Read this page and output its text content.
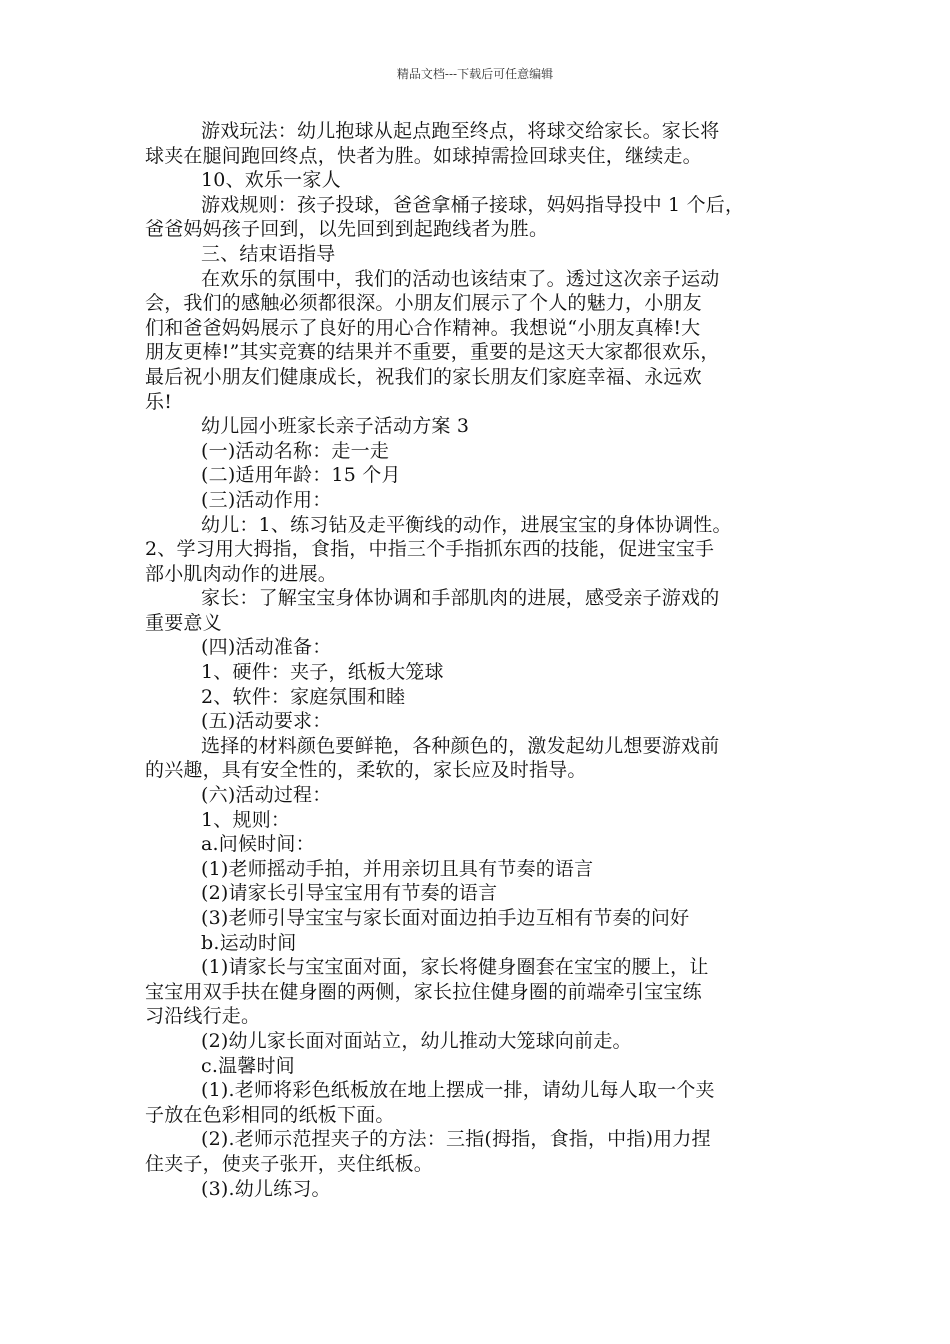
精品文档---下载后可任意编辑
游戏玩法：幼儿抱球从起点跑至终点，将球交给家长。家长将
球夹在腿间跑回终点，快者为胜。如球掉需捡回球夹住，继续走。
10、欢乐一家人
游戏规则：孩子投球，爸爸拿桶子接球，妈妈指导投中 1 个后，
爸爸妈妈孩子回到，以先回到到起跑线者为胜。
三、结束语指导
在欢乐的氛围中，我们的活动也该结束了。透过这次亲子运动
会，我们的感触必须都很深。小朋友们展示了个人的魅力，小朋友
们和爸爸妈妈展示了良好的用心合作精神。我想说“小朋友真棒!大
朋友更棒!”其实竞赛的结果并不重要，重要的是这天大家都很欢乐，
最后祝小朋友们健康成长，祝我们的家长朋友们家庭幸福、永远欢
乐!
幼儿园小班家长亲子活动方案 3
(一)活动名称：走一走
(二)适用年龄：15 个月
(三)活动作用：
幼儿：1、练习钻及走平衡线的动作，进展宝宝的身体协调性。
2、学习用大拇指，食指，中指三个手指抓东西的技能，促进宝宝手
部小肌肉动作的进展。
家长：了解宝宝身体协调和手部肌肉的进展，感受亲子游戏的
重要意义
(四)活动准备：
1、硬件：夹子，纸板大笼球
2、软件：家庭氛围和睦
(五)活动要求：
选择的材料颜色要鲜艳，各种颜色的，激发起幼儿想要游戏前
的兴趣，具有安全性的，柔软的，家长应及时指导。
(六)活动过程：
1、规则：
a.问候时间：
(1)老师摇动手拍，并用亲切且具有节奏的语言
(2)请家长引导宝宝用有节奏的语言
(3)老师引导宝宝与家长面对面边拍手边互相有节奏的问好
b.运动时间
(1)请家长与宝宝面对面，家长将健身圈套在宝宝的腰上，让
宝宝用双手扶在健身圈的两侧，家长拉住健身圈的前端牵引宝宝练
习沿线行走。
(2)幼儿家长面对面站立，幼儿推动大笼球向前走。
c.温馨时间
(1).老师将彩色纸板放在地上摆成一排，请幼儿每人取一个夹
子放在色彩相同的纸板下面。
(2).老师示范捏夹子的方法：三指(拇指，食指，中指)用力捏
住夹子，使夹子张开，夹住纸板。
(3).幼儿练习。
